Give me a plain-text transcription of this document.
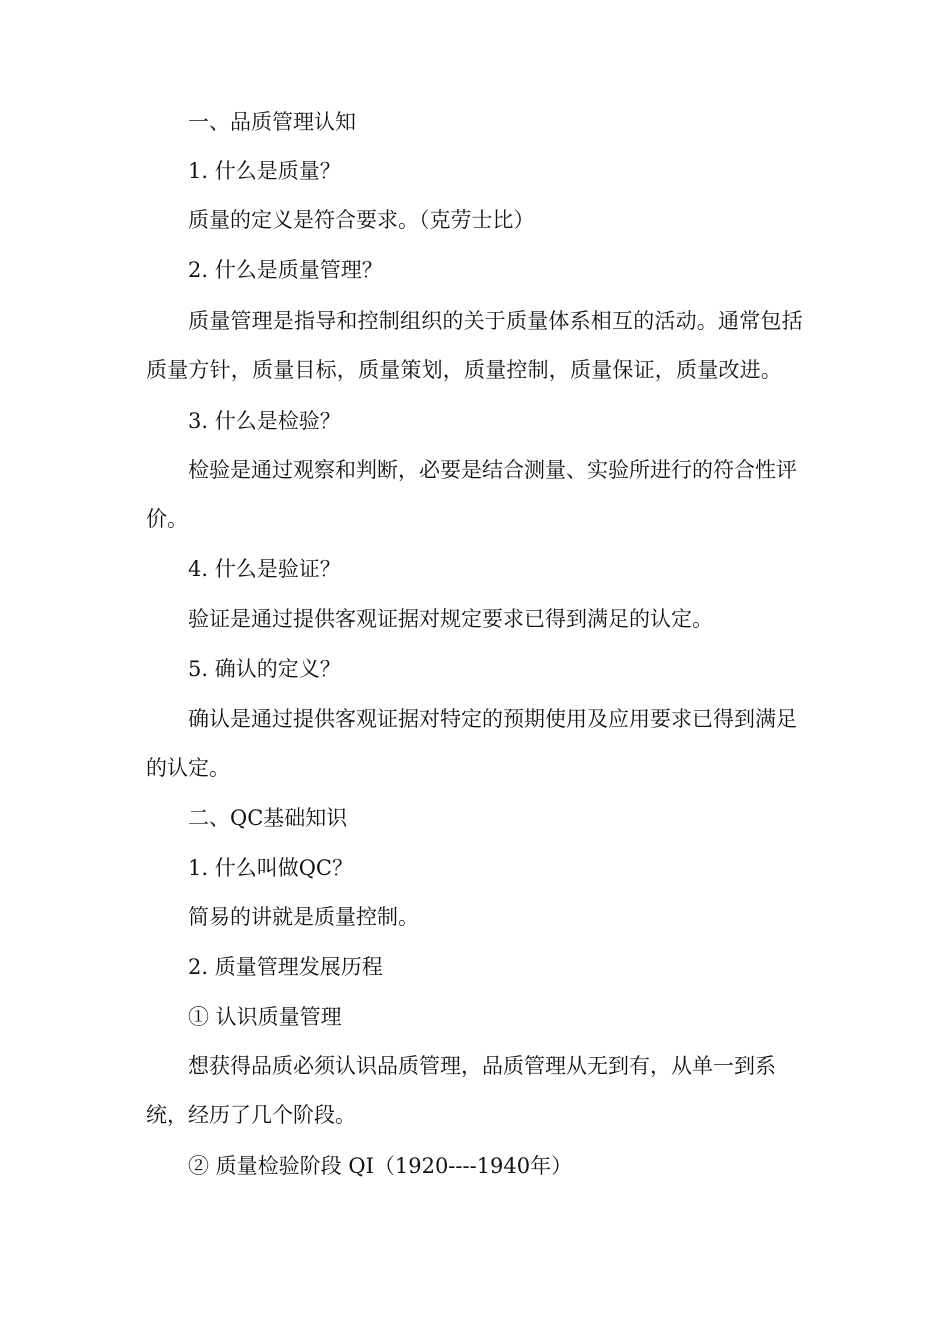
一、品质管理认知

1. 什么是质量？

质量的定义是符合要求。（克劳士比）

2. 什么是质量管理？

质量管理是指导和控制组织的关于质量体系相互的活动。通常包括质量方针，质量目标，质量策划，质量控制，质量保证，质量改进。

3. 什么是检验？

检验是通过观察和判断，必要是结合测量、实验所进行的符合性评价。

4. 什么是验证？

验证是通过提供客观证据对规定要求已得到满足的认定。

5. 确认的定义？

确认是通过提供客观证据对特定的预期使用及应用要求已得到满足的认定。

二、QC基础知识

1. 什么叫做QC？

简易的讲就是质量控制。

2. 质量管理发展历程

① 认识质量管理

想获得品质必须认识品质管理，品质管理从无到有，从单一到系统，经历了几个阶段。

② 质量检验阶段 QI（1920----1940年）
